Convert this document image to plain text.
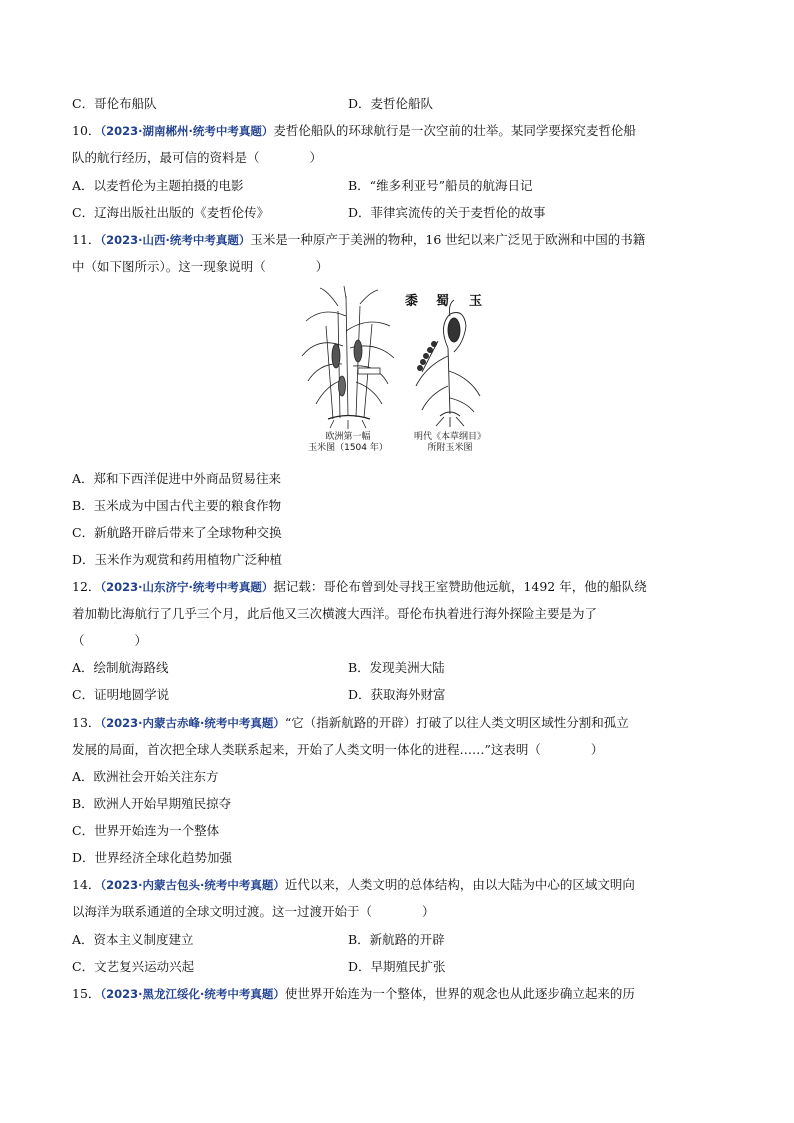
C．哥伦布船队	D．麦哲伦船队
10．（2023·湖南郴州·统考中考真题）麦哲伦船队的环球航行是一次空前的壮举。某同学要探究麦哲伦船
队的航行经历，最可信的资料是（　　　　）
A．以麦哲伦为主题拍摄的电影	B．“维多利亚号”船员的航海日记
C．辽海出版社出版的《麦哲伦传》	D．菲律宾流传的关于麦哲伦的故事
11．（2023·山西·统考中考真题）玉米是一种原产于美洲的物种，16 世纪以来广泛见于欧洲和中国的书籍
中（如下图所示）。这一现象说明（　　　　）
黍 蜀 玉
欧洲第一幅
玉米图（1504 年）
明代《本草纲目》
所附玉米图
A．郑和下西洋促进中外商品贸易往来
B．玉米成为中国古代主要的粮食作物
C．新航路开辟后带来了全球物种交换
D．玉米作为观赏和药用植物广泛种植
12．（2023·山东济宁·统考中考真题）据记载：哥伦布曾到处寻找王室赞助他远航，1492 年，他的船队绕
着加勒比海航行了几乎三个月，此后他又三次横渡大西洋。哥伦布执着进行海外探险主要是为了
（　　　　）
A．绘制航海路线	B．发现美洲大陆
C．证明地圆学说	D．获取海外财富
13．（2023·内蒙古赤峰·统考中考真题）“它（指新航路的开辟）打破了以往人类文明区域性分割和孤立
发展的局面，首次把全球人类联系起来，开始了人类文明一体化的进程……”这表明（　　　　）
A．欧洲社会开始关注东方
B．欧洲人开始早期殖民掠夺
C．世界开始连为一个整体
D．世界经济全球化趋势加强
14．（2023·内蒙古包头·统考中考真题）近代以来，人类文明的总体结构，由以大陆为中心的区域文明向
以海洋为联系通道的全球文明过渡。这一过渡开始于（　　　　）
A．资本主义制度建立	B．新航路的开辟
C．文艺复兴运动兴起	D．早期殖民扩张
15．（2023·黑龙江绥化·统考中考真题）使世界开始连为一个整体，世界的观念也从此逐步确立起来的历
